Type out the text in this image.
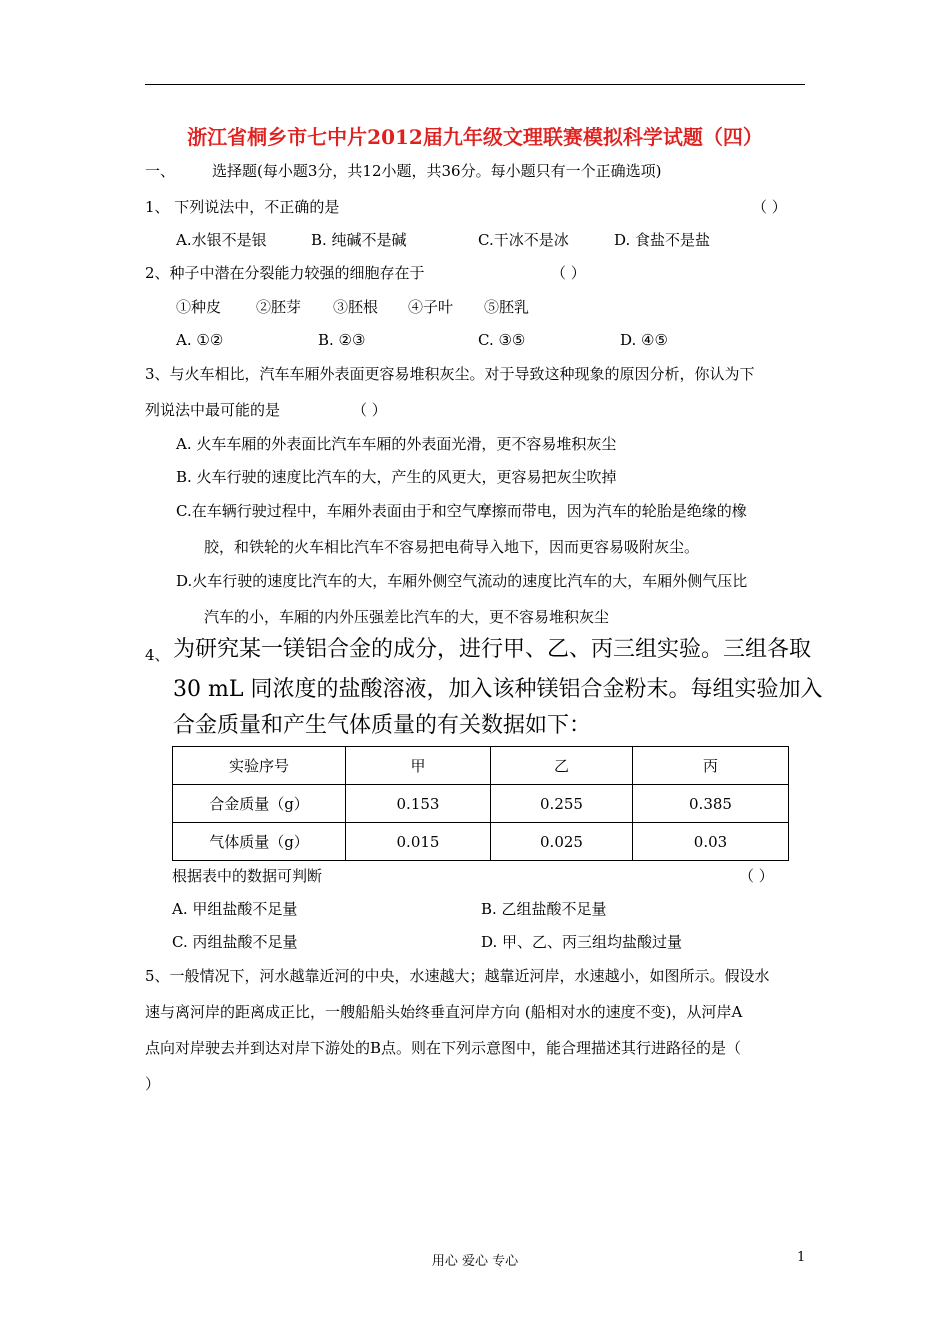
浙江省桐乡市七中片2012届九年级文理联赛模拟科学试题（四）
一、 选择题(每小题3分，共12小题，共36分。每小题只有一个正确选项)
1、 下列说法中，不正确的是	（ ）
A.水银不是银	B. 纯碱不是碱	C.干冰不是冰	D. 食盐不是盐
2、种子中潜在分裂能力较强的细胞存在于	（ ）
①种皮 ②胚芽 ③胚根 ④子叶 ⑤胚乳
A. ①②	B. ②③	C. ③⑤	D. ④⑤
3、与火车相比，汽车车厢外表面更容易堆积灰尘。对于导致这种现象的原因分析，你认为下
列说法中最可能的是	（ ）
A. 火车车厢的外表面比汽车车厢的外表面光滑，更不容易堆积灰尘
B. 火车行驶的速度比汽车的大，产生的风更大，更容易把灰尘吹掉
C.在车辆行驶过程中，车厢外表面由于和空气摩擦而带电，因为汽车的轮胎是绝缘的橡
胶，和铁轮的火车相比汽车不容易把电荷导入地下，因而更容易吸附灰尘。
D.火车行驶的速度比汽车的大，车厢外侧空气流动的速度比汽车的大，车厢外侧气压比
汽车的小，车厢的内外压强差比汽车的大，更不容易堆积灰尘
4、 为研究某一镁铝合金的成分，进行甲、乙、丙三组实验。三组各取
30 mL 同浓度的盐酸溶液，加入该种镁铝合金粉末。每组实验加入
合金质量和产生气体质量的有关数据如下：
实验序号	甲	乙	丙
合金质量（g）	0.153	0.255	0.385
气体质量（g）	0.015	0.025	0.03
根据表中的数据可判断	（ ）
A. 甲组盐酸不足量	B. 乙组盐酸不足量
C. 丙组盐酸不足量	D. 甲、乙、丙三组均盐酸过量
5、一般情况下，河水越靠近河的中央，水速越大；越靠近河岸，水速越小，如图所示。假设水
速与离河岸的距离成正比，一艘船船头始终垂直河岸方向 (船相对水的速度不变)，从河岸A
点向对岸驶去并到达对岸下游处的B点。则在下列示意图中，能合理描述其行进路径的是（
）
用心 爱心 专心	1
